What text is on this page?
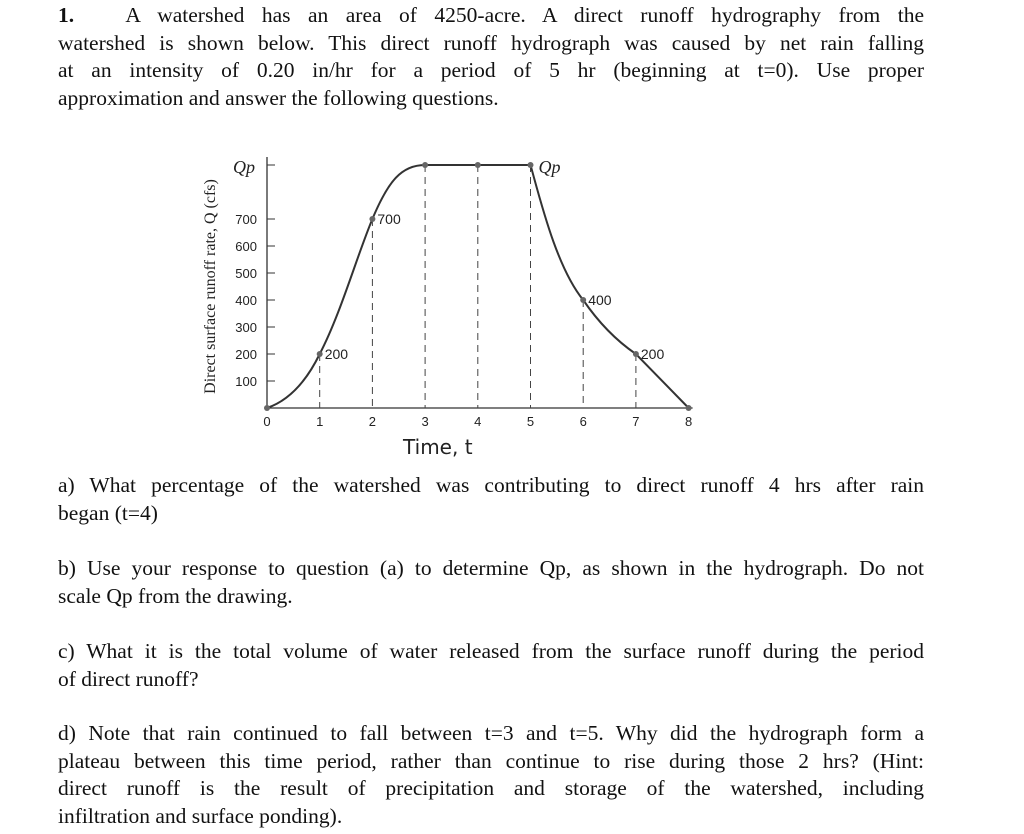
1. A watershed has an area of 4250-acre. A direct runoff hydrography from the
watershed is shown below. This direct runoff hydrograph was caused by net rain falling
at an intensity of 0.20 in/hr for a period of 5 hr (beginning at t=0). Use proper
approximation and answer the following questions.
100
200
300
400
500
600
700
Qp
0	1	2	3	4	5	6	7	8
200
700
Qp
400
200
Time, t
Direct surface runoff rate, Q (cfs)
a) What percentage of the watershed was contributing to direct runoff 4 hrs after rain
began (t=4)
b) Use your response to question (a) to determine Qp, as shown in the hydrograph. Do not
scale Qp from the drawing.
c) What it is the total volume of water released from the surface runoff during the period
of direct runoff?
d) Note that rain continued to fall between t=3 and t=5. Why did the hydrograph form a
plateau between this time period, rather than continue to rise during those 2 hrs? (Hint:
direct runoff is the result of precipitation and storage of the watershed, including
infiltration and surface ponding).
